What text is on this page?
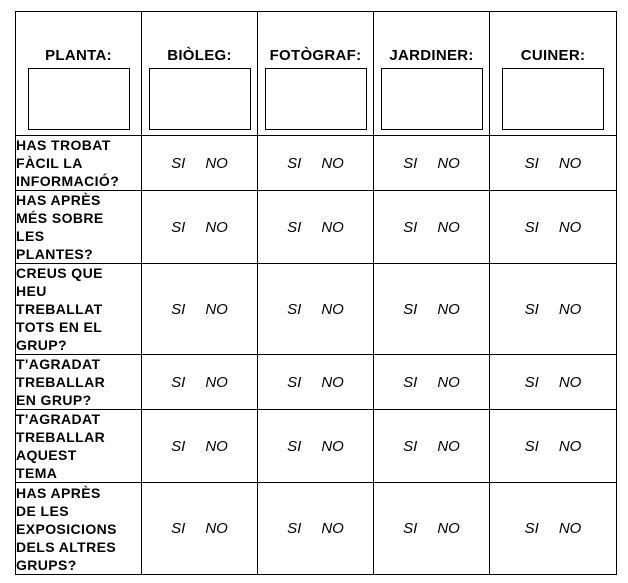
PLANTA:	BIÒLEG:	FOTÒGRAF:	JARDINER:	CUINER:

HAS TROBAT
FÀCIL LA
INFORMACIÓ?	SI NO	SI NO	SI NO	SI NO
HAS APRÈS
MÉS SOBRE
LES
PLANTES?	SI NO	SI NO	SI NO	SI NO
CREUS QUE
HEU
TREBALLAT
TOTS EN EL
GRUP?	SI NO	SI NO	SI NO	SI NO
T'AGRADAT
TREBALLAR
EN GRUP?	SI NO	SI NO	SI NO	SI NO
T'AGRADAT
TREBALLAR
AQUEST
TEMA	SI NO	SI NO	SI NO	SI NO
HAS APRÈS
DE LES
EXPOSICIONS
DELS ALTRES
GRUPS?	SI NO	SI NO	SI NO	SI NO
